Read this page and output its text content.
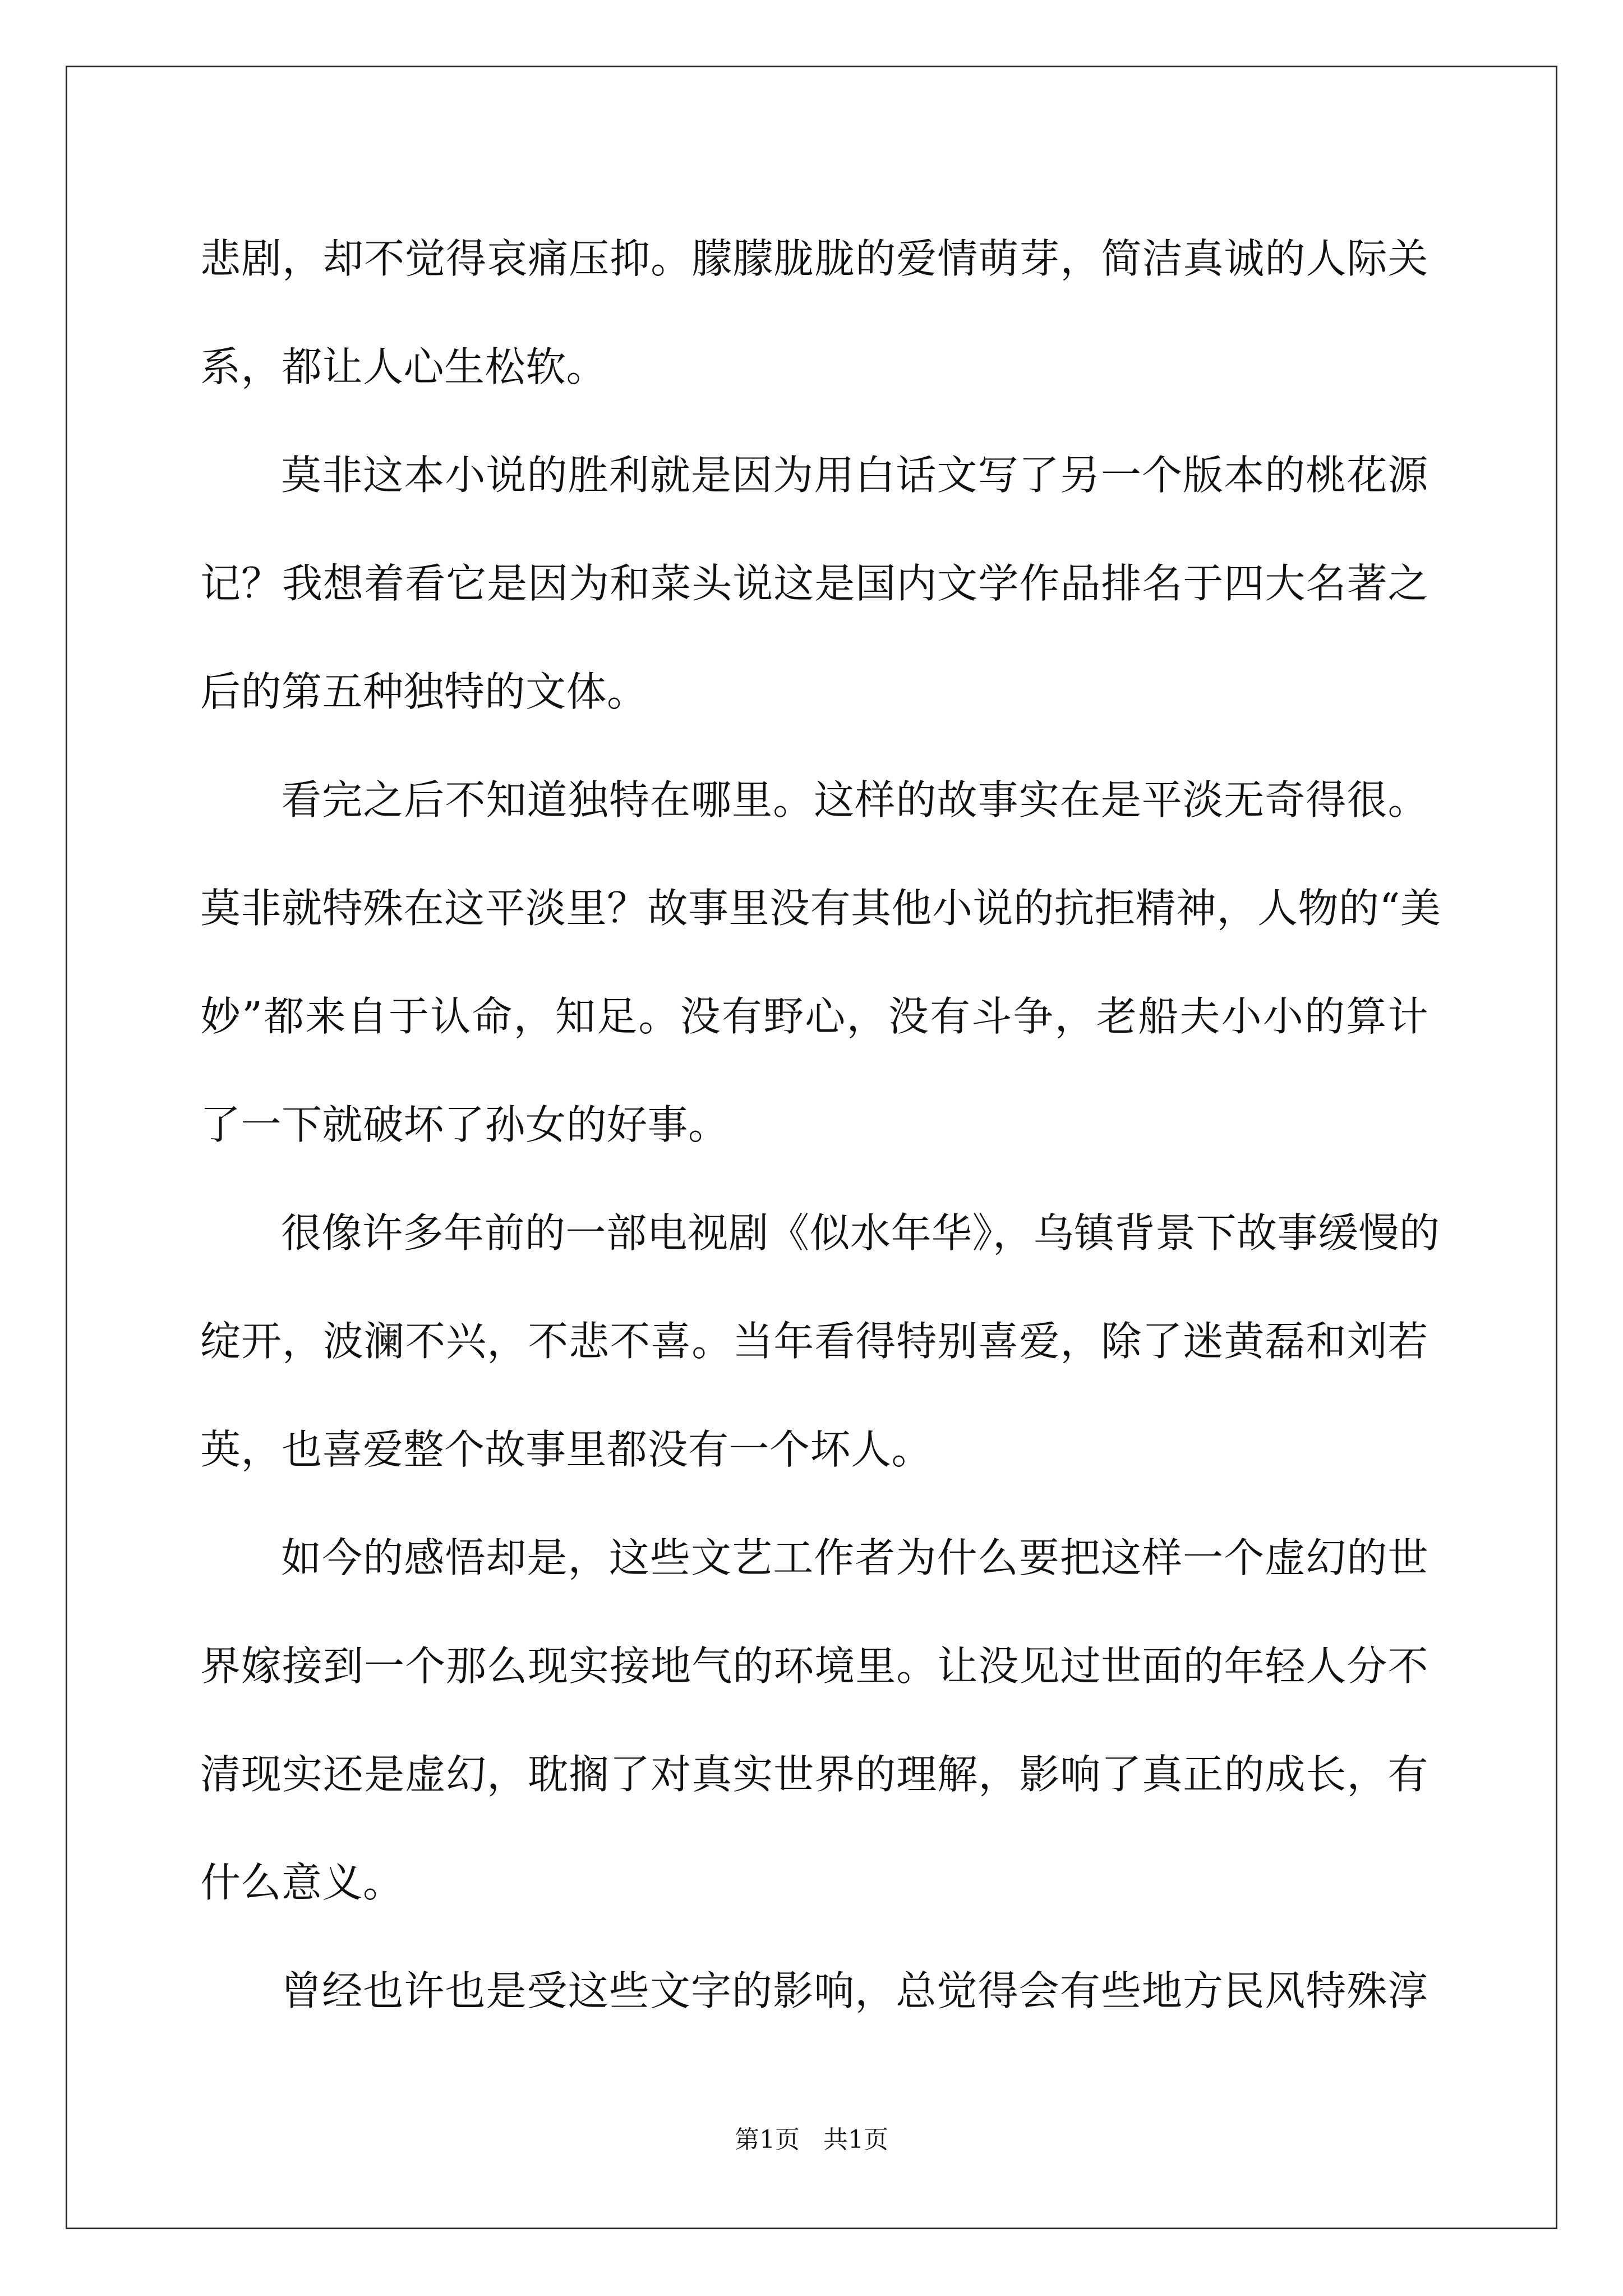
悲剧，却不觉得哀痛压抑。朦朦胧胧的爱情萌芽，简洁真诚的人际关
系，都让人心生松软。
莫非这本小说的胜利就是因为用白话文写了另一个版本的桃花源
记？我想着看它是因为和菜头说这是国内文学作品排名于四大名著之
后的第五种独特的文体。
看完之后不知道独特在哪里。这样的故事实在是平淡无奇得很。
莫非就特殊在这平淡里？故事里没有其他小说的抗拒精神，人物的“美
妙”都来自于认命，知足。没有野心，没有斗争，老船夫小小的算计
了一下就破坏了孙女的好事。
很像许多年前的一部电视剧《似水年华》，乌镇背景下故事缓慢的
绽开，波澜不兴，不悲不喜。当年看得特别喜爱，除了迷黄磊和刘若
英，也喜爱整个故事里都没有一个坏人。
如今的感悟却是，这些文艺工作者为什么要把这样一个虚幻的世
界嫁接到一个那么现实接地气的环境里。让没见过世面的年轻人分不
清现实还是虚幻，耽搁了对真实世界的理解，影响了真正的成长，有
什么意义。
曾经也许也是受这些文字的影响，总觉得会有些地方民风特殊淳
第1页 共1页
